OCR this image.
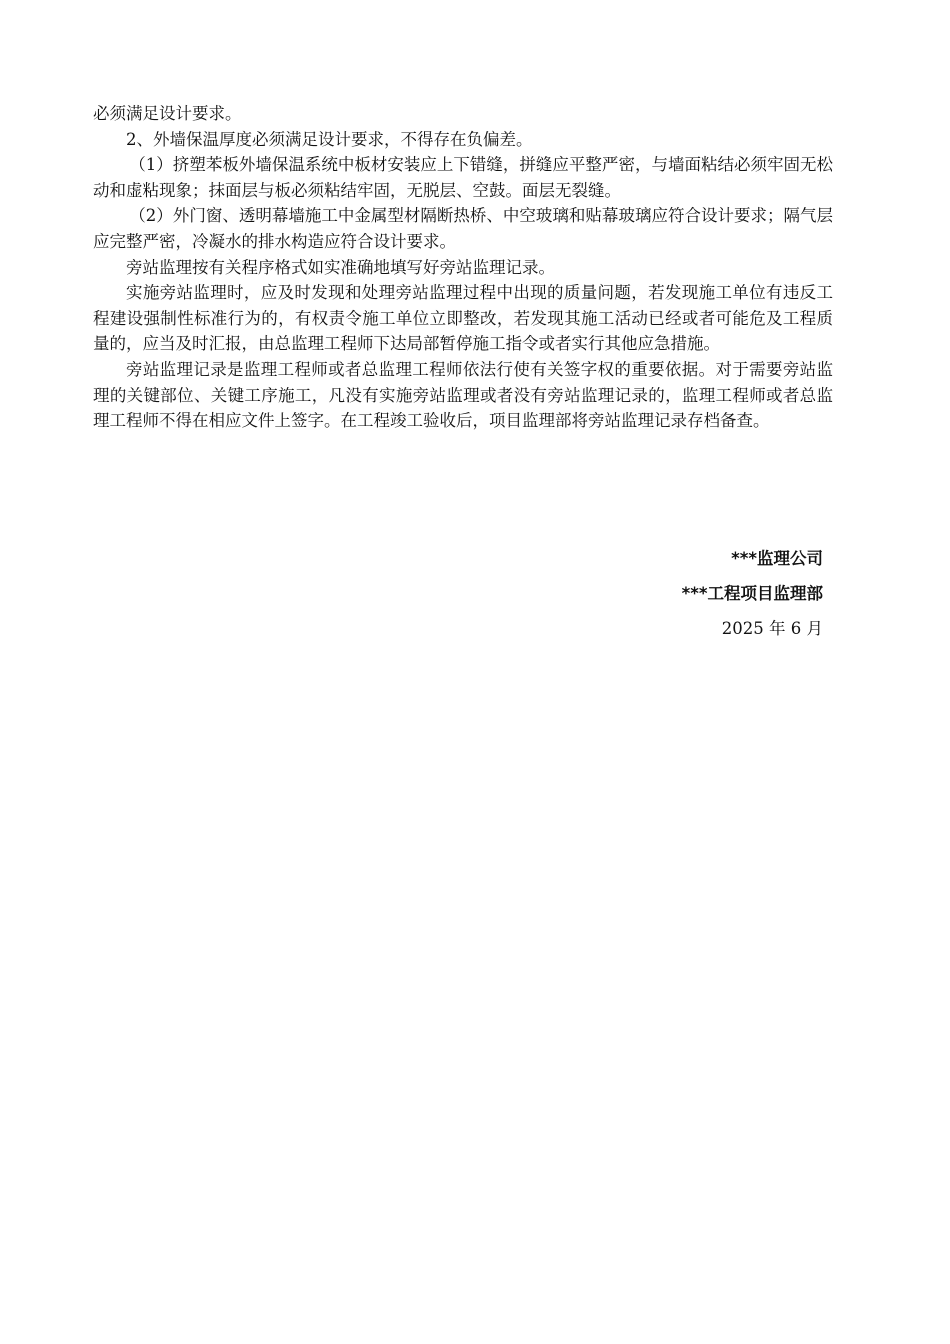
必须满足设计要求。

2、外墙保温厚度必须满足设计要求，不得存在负偏差。

（1）挤塑苯板外墙保温系统中板材安装应上下错缝，拼缝应平整严密，与墙面粘结必须牢固无松动和虚粘现象；抹面层与板必须粘结牢固，无脱层、空鼓。面层无裂缝。

（2）外门窗、透明幕墙施工中金属型材隔断热桥、中空玻璃和贴幕玻璃应符合设计要求；隔气层应完整严密，冷凝水的排水构造应符合设计要求。

旁站监理按有关程序格式如实准确地填写好旁站监理记录。

实施旁站监理时，应及时发现和处理旁站监理过程中出现的质量问题，若发现施工单位有违反工程建设强制性标准行为的，有权责令施工单位立即整改，若发现其施工活动已经或者可能危及工程质量的，应当及时汇报，由总监理工程师下达局部暂停施工指令或者实行其他应急措施。

旁站监理记录是监理工程师或者总监理工程师依法行使有关签字权的重要依据。对于需要旁站监理的关键部位、关键工序施工，凡没有实施旁站监理或者没有旁站监理记录的，监理工程师或者总监理工程师不得在相应文件上签字。在工程竣工验收后，项目监理部将旁站监理记录存档备查。

***监理公司

***工程项目监理部

2025 年 6 月
